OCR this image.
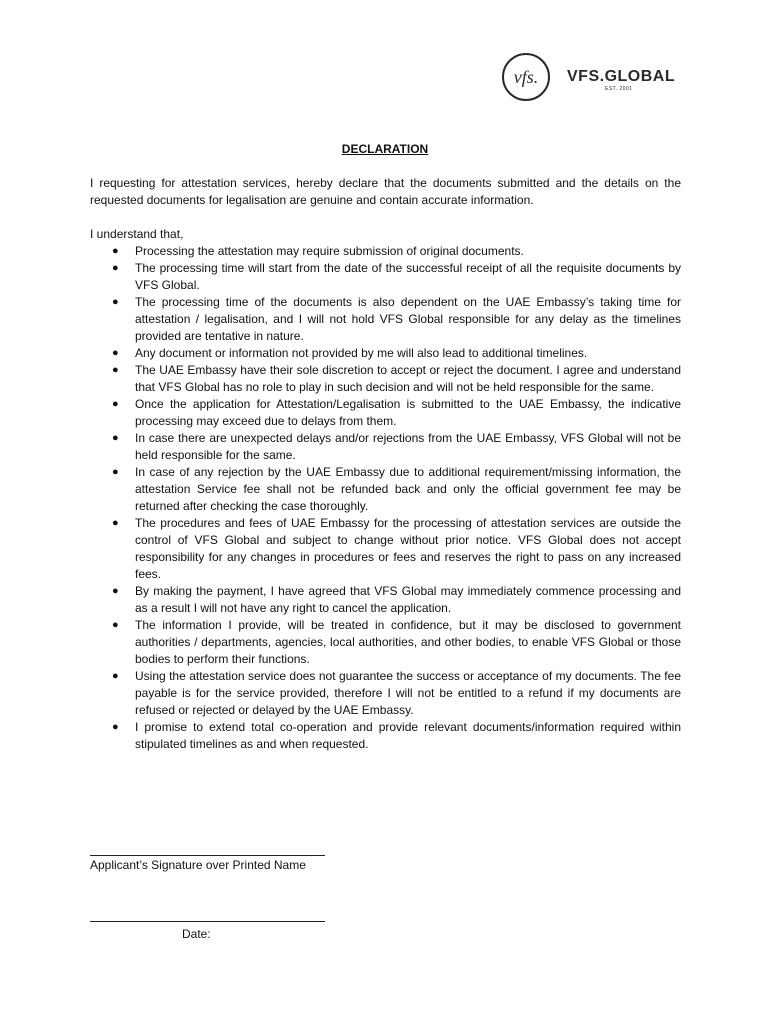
vfs. VFS.GLOBAL
EST. 2001
DECLARATION

I requesting for attestation services, hereby declare that the documents submitted and the details on the requested documents for legalisation are genuine and contain accurate information.

I understand that,

● Processing the attestation may require submission of original documents.
● The processing time will start from the date of the successful receipt of all the requisite documents by VFS Global.
● The processing time of the documents is also dependent on the UAE Embassy’s taking time for attestation / legalisation, and I will not hold VFS Global responsible for any delay as the timelines provided are tentative in nature.
● Any document or information not provided by me will also lead to additional timelines.
● The UAE Embassy have their sole discretion to accept or reject the document. I agree and understand that VFS Global has no role to play in such decision and will not be held responsible for the same.
● Once the application for Attestation/Legalisation is submitted to the UAE Embassy, the indicative processing may exceed due to delays from them.
● In case there are unexpected delays and/or rejections from the UAE Embassy, VFS Global will not be held responsible for the same.
● In case of any rejection by the UAE Embassy due to additional requirement/missing information, the attestation Service fee shall not be refunded back and only the official government fee may be returned after checking the case thoroughly.
● The procedures and fees of UAE Embassy for the processing of attestation services are outside the control of VFS Global and subject to change without prior notice. VFS Global does not accept responsibility for any changes in procedures or fees and reserves the right to pass on any increased fees.
● By making the payment, I have agreed that VFS Global may immediately commence processing and as a result I will not have any right to cancel the application.
● The information I provide, will be treated in confidence, but it may be disclosed to government authorities / departments, agencies, local authorities, and other bodies, to enable VFS Global or those bodies to perform their functions.
● Using the attestation service does not guarantee the success or acceptance of my documents. The fee payable is for the service provided, therefore I will not be entitled to a refund if my documents are refused or rejected or delayed by the UAE Embassy.
● I promise to extend total co-operation and provide relevant documents/information required within stipulated timelines as and when requested.
Applicant’s Signature over Printed Name
Date:
